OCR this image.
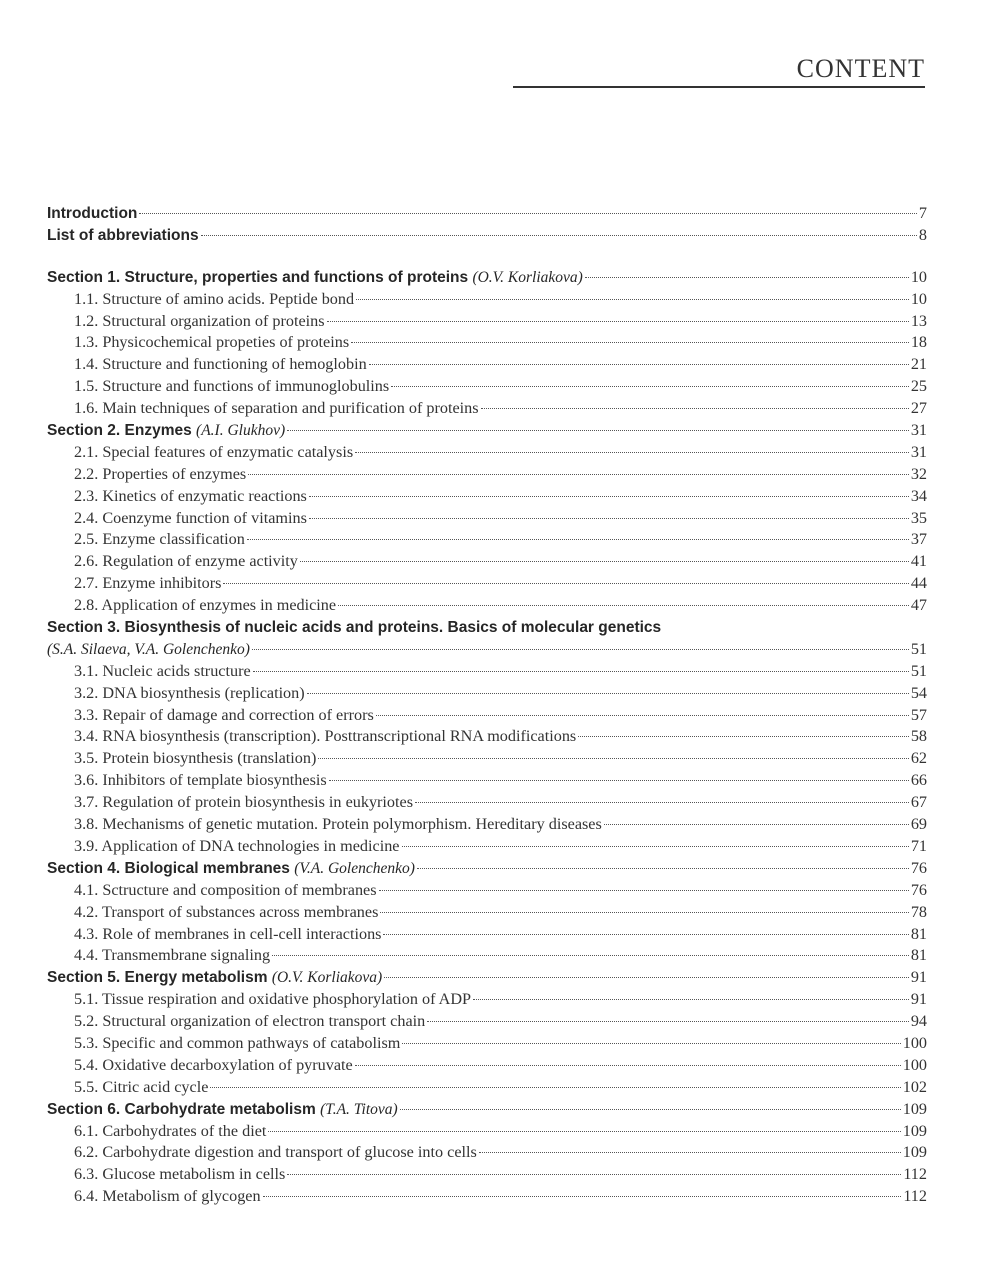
CONTENT
Introduction	7
List of abbreviations	8
Section 1. Structure, properties and functions of proteins (O.V. Korliakova)	10
1.1. Structure of amino acids. Peptide bond	10
1.2. Structural organization of proteins	13
1.3. Physicochemical propeties of proteins	18
1.4. Structure and functioning of hemoglobin	21
1.5. Structure and functions of immunoglobulins	25
1.6. Main techniques of separation and purification of proteins	27
Section 2. Enzymes (A.I. Glukhov)	31
2.1. Special features of enzymatic catalysis	31
2.2. Properties of enzymes	32
2.3. Kinetics of enzymatic reactions	34
2.4. Coenzyme function of vitamins	35
2.5. Enzyme classification	37
2.6. Regulation of enzyme activity	41
2.7. Enzyme inhibitors	44
2.8. Application of enzymes in medicine	47
Section 3. Biosynthesis of nucleic acids and proteins. Basics of molecular genetics
(S.A. Silaeva, V.A. Golenchenko)	51
3.1. Nucleic acids structure	51
3.2. DNA biosynthesis (replication)	54
3.3. Repair of damage and correction of errors	57
3.4. RNA biosynthesis (transcription). Posttranscriptional RNA modifications	58
3.5. Protein biosynthesis (translation)	62
3.6. Inhibitors of template biosynthesis	66
3.7. Regulation of protein biosynthesis in eukyriotes	67
3.8. Mechanisms of genetic mutation. Protein polymorphism. Hereditary diseases	69
3.9. Application of DNA technologies in medicine	71
Section 4. Biological membranes (V.A. Golenchenko)	76
4.1. Sctructure and composition of membranes	76
4.2. Transport of substances across membranes	78
4.3. Role of membranes in cell-cell interactions	81
4.4. Transmembrane signaling	81
Section 5. Energy metabolism (O.V. Korliakova)	91
5.1. Tissue respiration and oxidative phosphorylation of ADP	91
5.2. Structural organization of electron transport chain	94
5.3. Specific and common pathways of catabolism	100
5.4. Oxidative decarboxylation of pyruvate	100
5.5. Citric acid cycle	102
Section 6. Carbohydrate metabolism (T.A. Titova)	109
6.1. Carbohydrates of the diet	109
6.2. Carbohydrate digestion and transport of glucose into cells	109
6.3. Glucose metabolism in cells	112
6.4. Metabolism of glycogen	112
